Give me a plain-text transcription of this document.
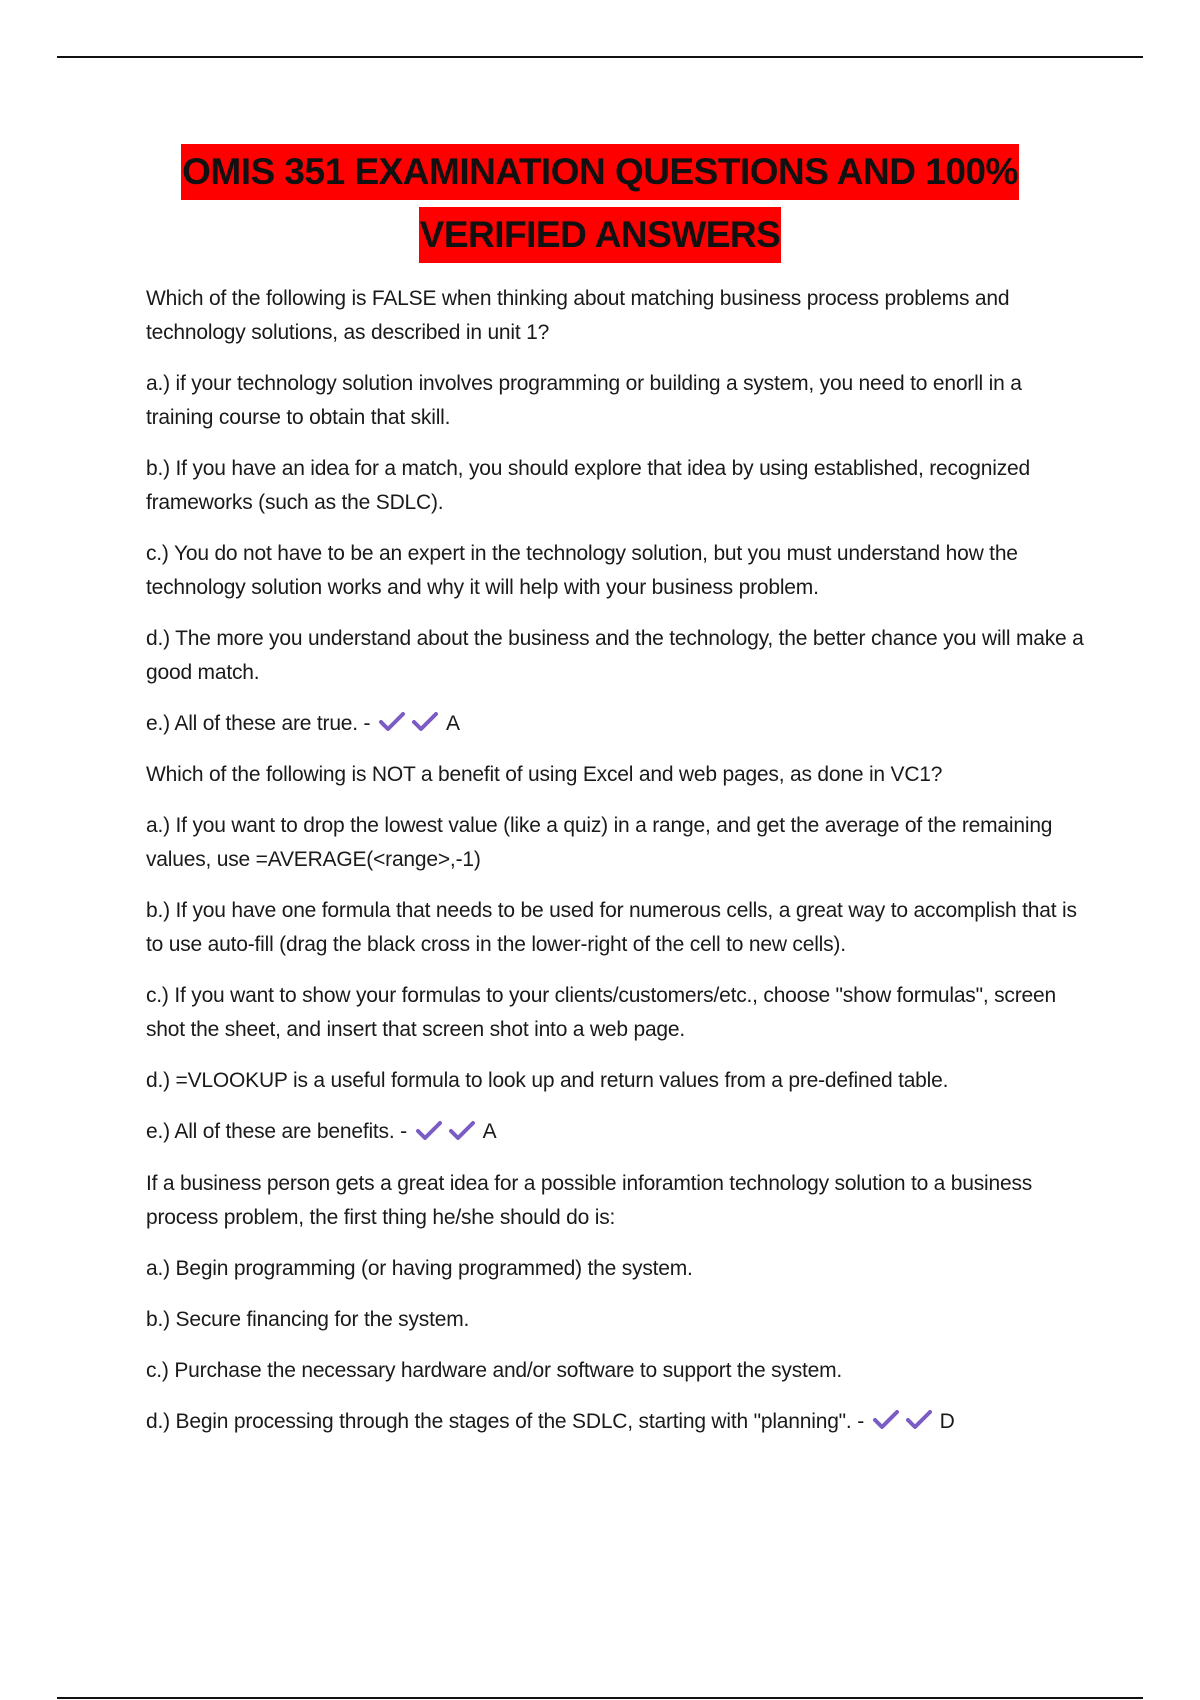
OMIS 351 EXAMINATION QUESTIONS AND 100%
VERIFIED ANSWERS

Which of the following is FALSE when thinking about matching business process problems and technology solutions, as described in unit 1?

a.) if your technology solution involves programming or building a system, you need to enorll in a training course to obtain that skill.

b.) If you have an idea for a match, you should explore that idea by using established, recognized frameworks (such as the SDLC).

c.) You do not have to be an expert in the technology solution, but you must understand how the technology solution works and why it will help with your business problem.

d.) The more you understand about the business and the technology, the better chance you will make a good match.

e.) All of these are true. -	A

Which of the following is NOT a benefit of using Excel and web pages, as done in VC1?

a.) If you want to drop the lowest value (like a quiz) in a range, and get the average of the remaining values, use =AVERAGE(<range>,-1)

b.) If you have one formula that needs to be used for numerous cells, a great way to accomplish that is to use auto-fill (drag the black cross in the lower-right of the cell to new cells).

c.) If you want to show your formulas to your clients/customers/etc., choose "show formulas", screen shot the sheet, and insert that screen shot into a web page.

d.) =VLOOKUP is a useful formula to look up and return values from a pre-defined table.

e.) All of these are benefits. -	A

If a business person gets a great idea for a possible inforamtion technology solution to a business process problem, the first thing he/she should do is:

a.) Begin programming (or having programmed) the system.

b.) Secure financing for the system.

c.) Purchase the necessary hardware and/or software to support the system.

d.) Begin processing through the stages of the SDLC, starting with "planning". -	D
